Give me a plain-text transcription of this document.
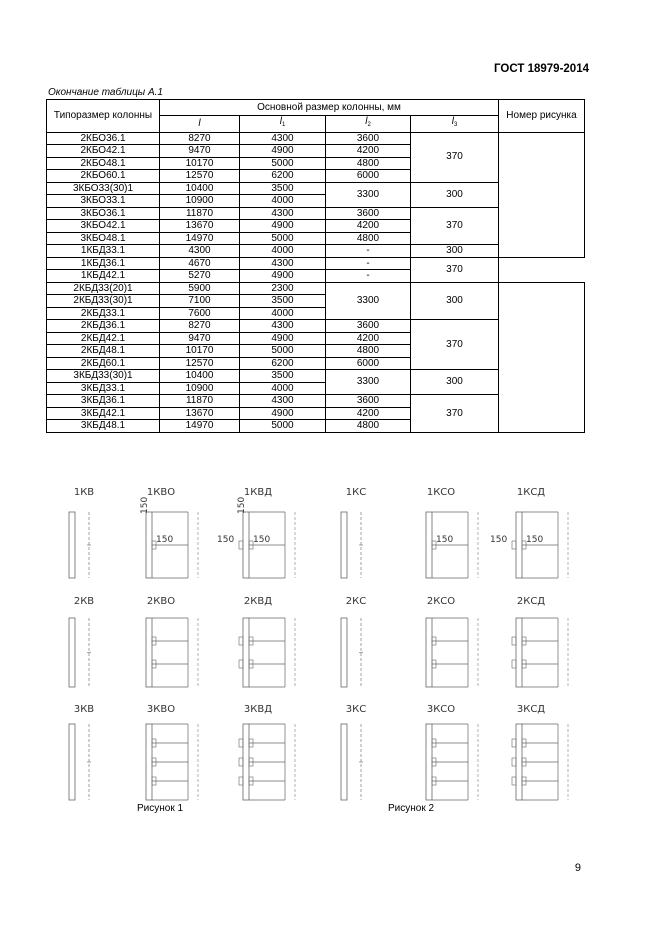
ГОСТ 18979-2014
Окончание таблицы А.1
Типоразмер колонны	Основной размер колонны, мм				Номер рисунка
	l	$l_1$	$l_2$	$l_3$
2КБО36.1	8270	4300	3600	370	
2КБО42.1	9470	4900	4200		
2КБО48.1	10170	5000	4800		
2КБО60.1	12570	6200	6000		
3КБО33(30)1	10400	3500	3300	300	
3КБО33.1	10900	4000			
3КБО36.1	11870	4300	3600	370	
3КБО42.1	13670	4900	4200		
3КБО48.1	14970	5000	4800		
1КБД33.1	4300	4000	-	300	
1КБД36.1	4670	4300	-	370	
1КБД42.1	5270	4900	-		
2КБД33(20)1	5900	2300	3300	300	
2КБД33(30)1	7100	3500			
2КБД33.1	7600	4000			
2КБД36.1	8270	4300	3600	370	
2КБД42.1	9470	4900	4200		
2КБД48.1	10170	5000	4800		
2КБД60.1	12570	6200	6000		
3КБД33(30)1	10400	3500	3300	300	
3КБД33.1	10900	4000			
3КБД36.1	11870	4300	3600	370	
3КБД42.1	13670	4900	4200		
3КБД48.1	14970	5000	4800		
1КВ	1КВО
150
150
1КВД
150
150
150
1КС	1КСО
150
1КСД
150
150
2КВ	2КВО	2КВД	2КС	2КСО	2КСД
3КВ	3КВО	3КВД	3КС	3КСО	3КСД
Рисунок 1	Рисунок 2
9
